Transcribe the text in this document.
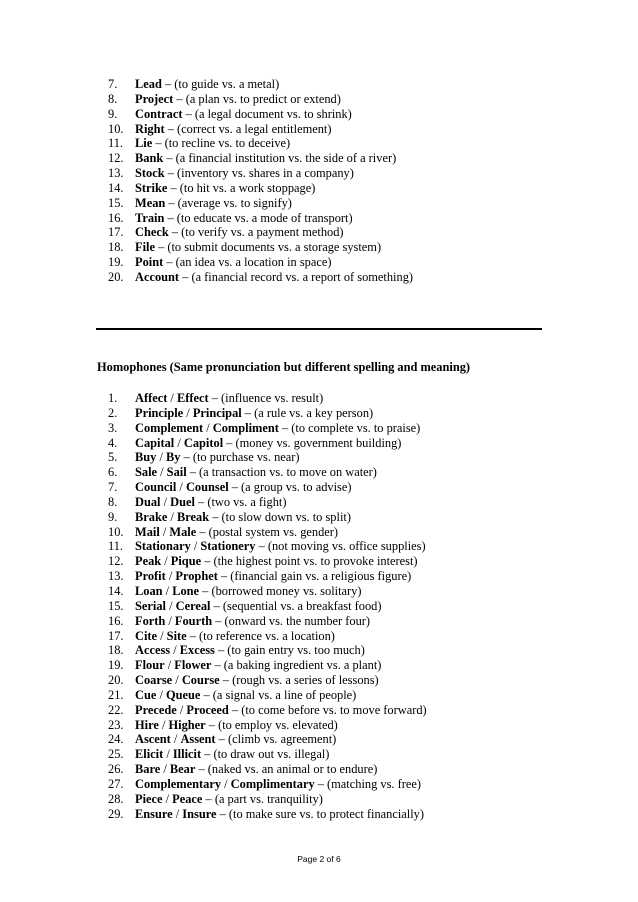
7. Lead – (to guide vs. a metal)
8. Project – (a plan vs. to predict or extend)
9. Contract – (a legal document vs. to shrink)
10. Right – (correct vs. a legal entitlement)
11. Lie – (to recline vs. to deceive)
12. Bank – (a financial institution vs. the side of a river)
13. Stock – (inventory vs. shares in a company)
14. Strike – (to hit vs. a work stoppage)
15. Mean – (average vs. to signify)
16. Train – (to educate vs. a mode of transport)
17. Check – (to verify vs. a payment method)
18. File – (to submit documents vs. a storage system)
19. Point – (an idea vs. a location in space)
20. Account – (a financial record vs. a report of something)
Homophones (Same pronunciation but different spelling and meaning)
1. Affect / Effect – (influence vs. result)
2. Principle / Principal – (a rule vs. a key person)
3. Complement / Compliment – (to complete vs. to praise)
4. Capital / Capitol – (money vs. government building)
5. Buy / By – (to purchase vs. near)
6. Sale / Sail – (a transaction vs. to move on water)
7. Council / Counsel – (a group vs. to advise)
8. Dual / Duel – (two vs. a fight)
9. Brake / Break – (to slow down vs. to split)
10. Mail / Male – (postal system vs. gender)
11. Stationary / Stationery – (not moving vs. office supplies)
12. Peak / Pique – (the highest point vs. to provoke interest)
13. Profit / Prophet – (financial gain vs. a religious figure)
14. Loan / Lone – (borrowed money vs. solitary)
15. Serial / Cereal – (sequential vs. a breakfast food)
16. Forth / Fourth – (onward vs. the number four)
17. Cite / Site – (to reference vs. a location)
18. Access / Excess – (to gain entry vs. too much)
19. Flour / Flower – (a baking ingredient vs. a plant)
20. Coarse / Course – (rough vs. a series of lessons)
21. Cue / Queue – (a signal vs. a line of people)
22. Precede / Proceed – (to come before vs. to move forward)
23. Hire / Higher – (to employ vs. elevated)
24. Ascent / Assent – (climb vs. agreement)
25. Elicit / Illicit – (to draw out vs. illegal)
26. Bare / Bear – (naked vs. an animal or to endure)
27. Complementary / Complimentary – (matching vs. free)
28. Piece / Peace – (a part vs. tranquility)
29. Ensure / Insure – (to make sure vs. to protect financially)
Page 2 of 6
